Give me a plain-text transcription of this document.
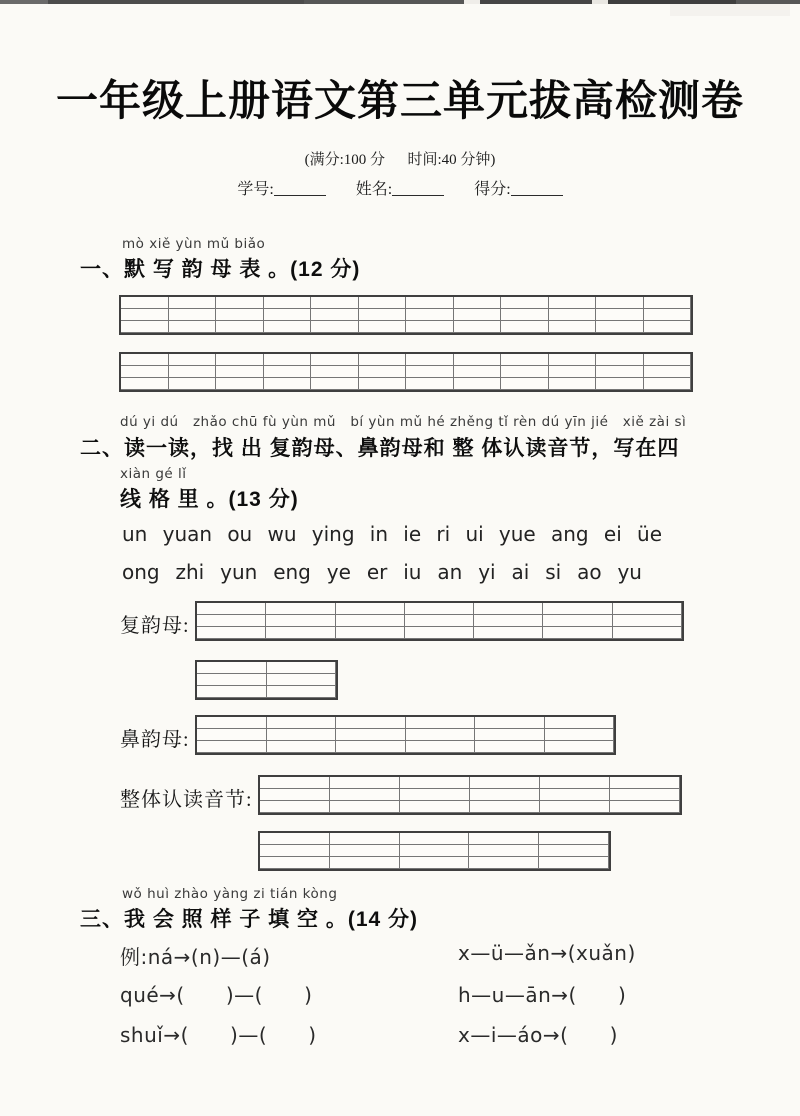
一年级上册语文第三单元拔高检测卷
(满分:100 分      时间:40 分钟)
学号:	姓名:	得分:
mò xiě yùn mǔ biǎo
一、默 写 韵 母 表 。(12 分)
dú yi dú   zhǎo chū fù yùn mǔ   bí yùn mǔ hé zhěng tǐ rèn dú yīn jié   xiě zài sì
二、读一读，找 出 复韵母、鼻韵母和 整 体认读音节，写在四
xiàn gé lǐ
线 格 里 。(13 分)
un yuan ou wu ying in ie ri ui yue ang ei üe
ong zhi yun eng ye er iu an yi ai si ao yu
复韵母:
鼻韵母:
整体认读音节:
wǒ huì zhào yàng zi tián kòng
三、我 会 照 样 子 填 空 。(14 分)
例:ná→(n)—(á)	x—ü—ǎn→(xuǎn)
qué→(      )—(      )	h—u—ān→(      )
shuǐ→(      )—(      )	x—i—áo→(      )
